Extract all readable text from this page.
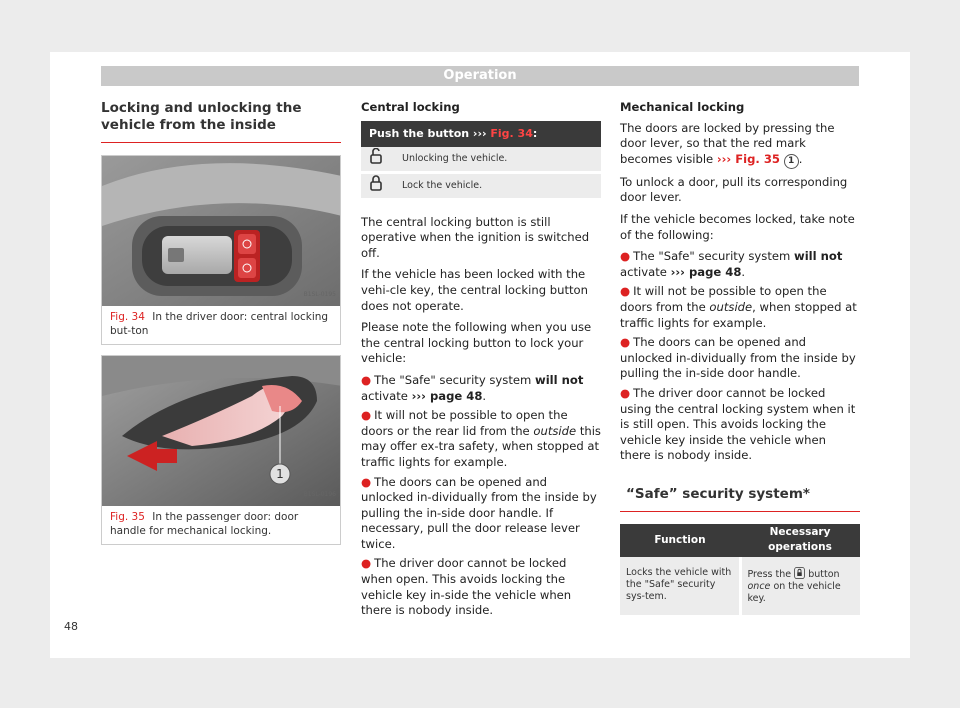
Operation
Locking and unlocking the vehicle from the inside
B1SL-0195
Fig. 34 In the driver door: central locking but-ton
1
B1SL-0196
Fig. 35 In the passenger door: door handle for mechanical locking.
Central locking
Push the button ››› Fig. 34:	
	Unlocking the vehicle.
	Lock the vehicle.

The central locking button is still operative when the ignition is switched off.

If the vehicle has been locked with the vehi-cle key, the central locking button does not operate.

Please note the following when you use the central locking button to lock your vehicle:

● The "Safe" security system will not activate ››› page 48.
● It will not be possible to open the doors or the rear lid from the outside this may offer ex-tra safety, when stopped at traffic lights for example.
● The doors can be opened and unlocked in-dividually from the inside by pulling the in-side door handle. If necessary, pull the door release lever twice.
● The driver door cannot be locked when open. This avoids locking the vehicle key in-side the vehicle when there is nobody inside.
Mechanical locking

The doors are locked by pressing the door lever, so that the red mark becomes visible ››› Fig. 35 1 .

To unlock a door, pull its corresponding door lever.

If the vehicle becomes locked, take note of the following:

● The "Safe" security system will not activate ››› page 48.
● It will not be possible to open the doors from the outside, when stopped at traffic lights for example.
● The doors can be opened and unlocked in-dividually from the inside by pulling the in-side door handle.
● The driver door cannot be locked using the central locking system when it is still open. This avoids locking the vehicle key inside the vehicle when there is nobody inside.
“Safe” security system*
Function	Necessary operations
Locks the vehicle with the "Safe" security sys-tem.	Press the button once on the vehicle key.
48
